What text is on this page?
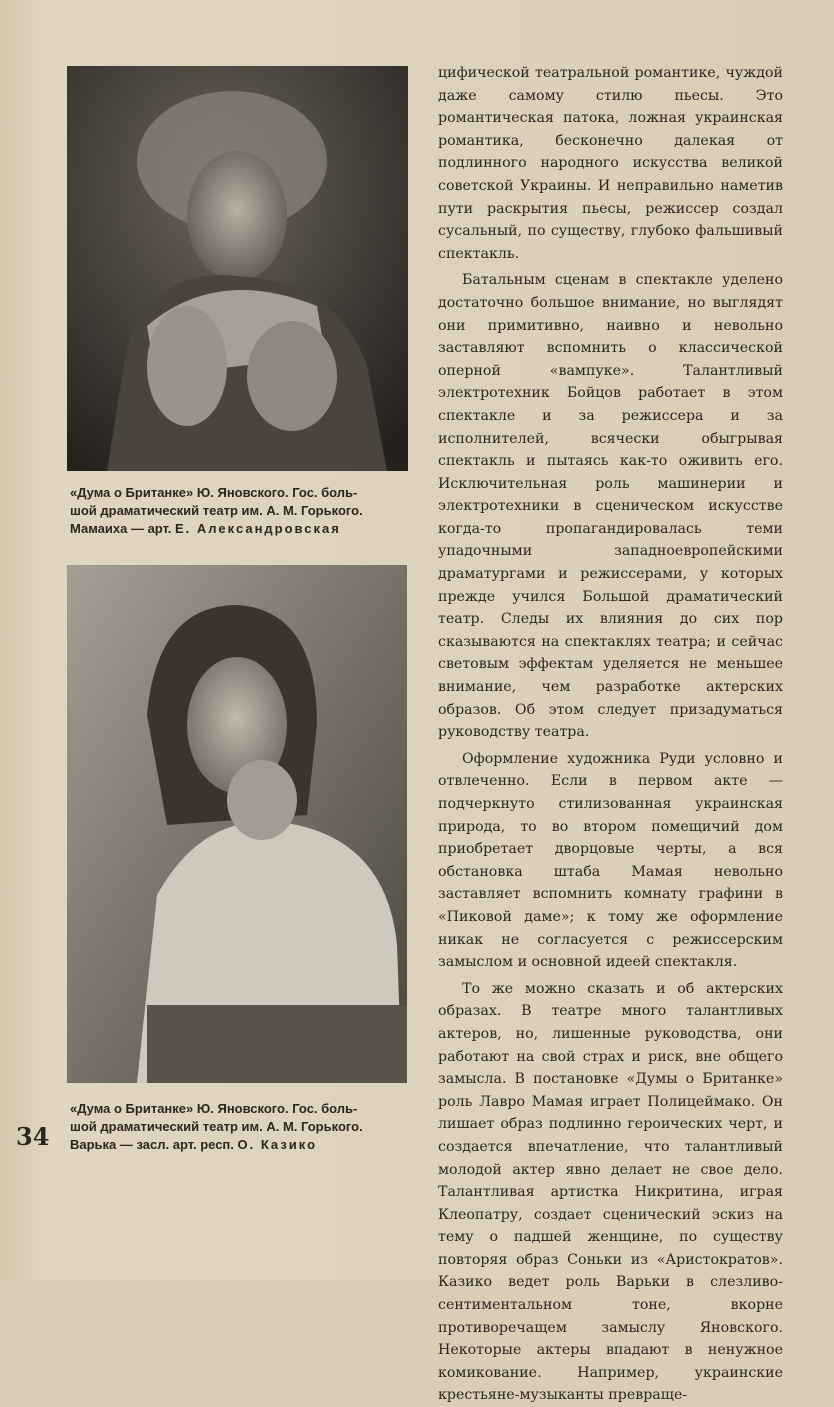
«Дума о Британке» Ю. Яновского. Гос. боль-
шой драматический театр им. А. М. Горького.
Мамаиха — арт. Е. Александровская
«Дума о Британке» Ю. Яновского. Гос. боль-
шой драматический театр им. А. М. Горького.
Варька — засл. арт. респ. О. Казико
34

цифической театральной романтике, чуждой даже самому стилю пьесы. Это романтическая патока, ложная украинская романтика, бесконечно далекая от подлинного народного искусства великой советской Украины. И неправильно наметив пути раскрытия пьесы, режиссер создал сусальный, по существу, глубоко фальшивый спектакль.

Батальным сценам в спектакле уделено достаточно большое внимание, но выглядят они примитивно, наивно и невольно заставляют вспомнить о классической оперной «вампуке». Талантливый электротехник Бойцов работает в этом спектакле и за режиссера и за исполнителей, всячески обыгрывая спектакль и пытаясь как-то оживить его. Исключительная роль машинерии и электротехники в сценическом искусстве когда-то пропагандировалась теми упадочными западноевропейскими драматургами и режиссерами, у которых прежде учился Большой драматический театр. Следы их влияния до сих пор сказываются на спектаклях театра; и сейчас световым эффектам уделяется не меньшее внимание, чем разработке актерских образов. Об этом следует призадуматься руководству театра.

Оформление художника Руди условно и отвлеченно. Если в первом акте — подчеркнуто стилизованная украинская природа, то во втором помещичий дом приобретает дворцовые черты, а вся обстановка штаба Мамая невольно заставляет вспомнить комнату графини в «Пиковой даме»; к тому же оформление никак не согласуется с режиссерским замыслом и основной идеей спектакля.

То же можно сказать и об актерских образах. В театре много талантливых актеров, но, лишенные руководства, они работают на свой страх и риск, вне общего замысла. В постановке «Думы о Британке» роль Лавро Мамая играет Полицеймако. Он лишает образ подлинно героических черт, и создается впечатление, что талантливый молодой актер явно делает не свое дело. Талантливая артистка Никритина, играя Клеопатру, создает сценический эскиз на тему о падшей женщине, по существу повторяя образ Соньки из «Аристократов». Казико ведет роль Варьки в слезливо-сентиментальном тоне, вкорне противоречащем замыслу Яновского. Некоторые актеры впадают в ненужное комикование. Например, украинские крестьяне-музыканты превраще-
